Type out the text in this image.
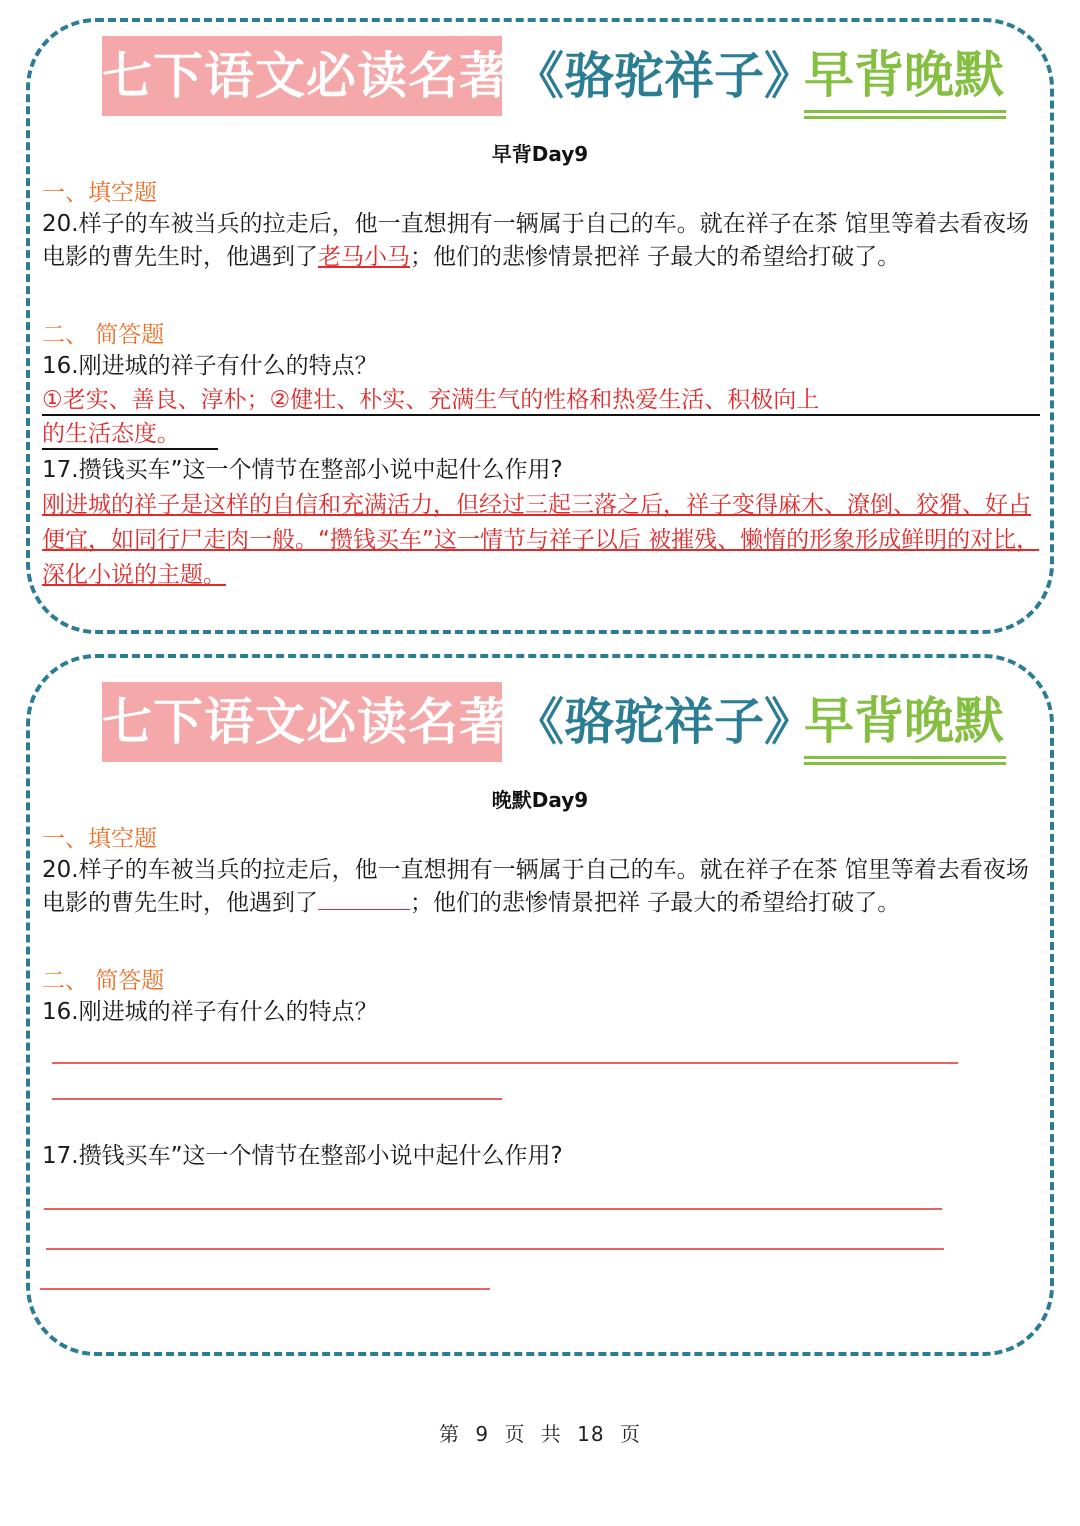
七下语文必读名著 《骆驼祥子》
早背晚默
早背Day9
一、填空题
20.样子的车被当兵的拉走后，他一直想拥有一辆属于自己的车。就在祥子在茶 馆里等着去看夜场电影的曹先生时，他遇到了老马小马；他们的悲惨情景把祥 子最大的希望给打破了。
二、 简答题
16.刚进城的祥子有什么的特点？
①老实、善良、淳朴；②健壮、朴实、充满生气的性格和热爱生活、积极向上
的生活态度。
17.攒钱买车”这一个情节在整部小说中起什么作用?
刚进城的祥子是这样的自信和充满活力，但经过三起三落之后，祥子变得麻木、潦倒、狡猾、好占便宜，如同行尸走肉一般。“攒钱买车”这一情节与祥子以后 被摧残、懒惰的形象形成鲜明的对比，深化小说的主题。
七下语文必读名著 《骆驼祥子》
早背晚默
晚默Day9
一、填空题
20.样子的车被当兵的拉走后，他一直想拥有一辆属于自己的车。就在祥子在茶 馆里等着去看夜场电影的曹先生时，他遇到了	；他们的悲惨情景把祥 子最大的希望给打破了。
二、 简答题
16.刚进城的祥子有什么的特点？
17.攒钱买车”这一个情节在整部小说中起什么作用?
第 9 页 共 18 页
